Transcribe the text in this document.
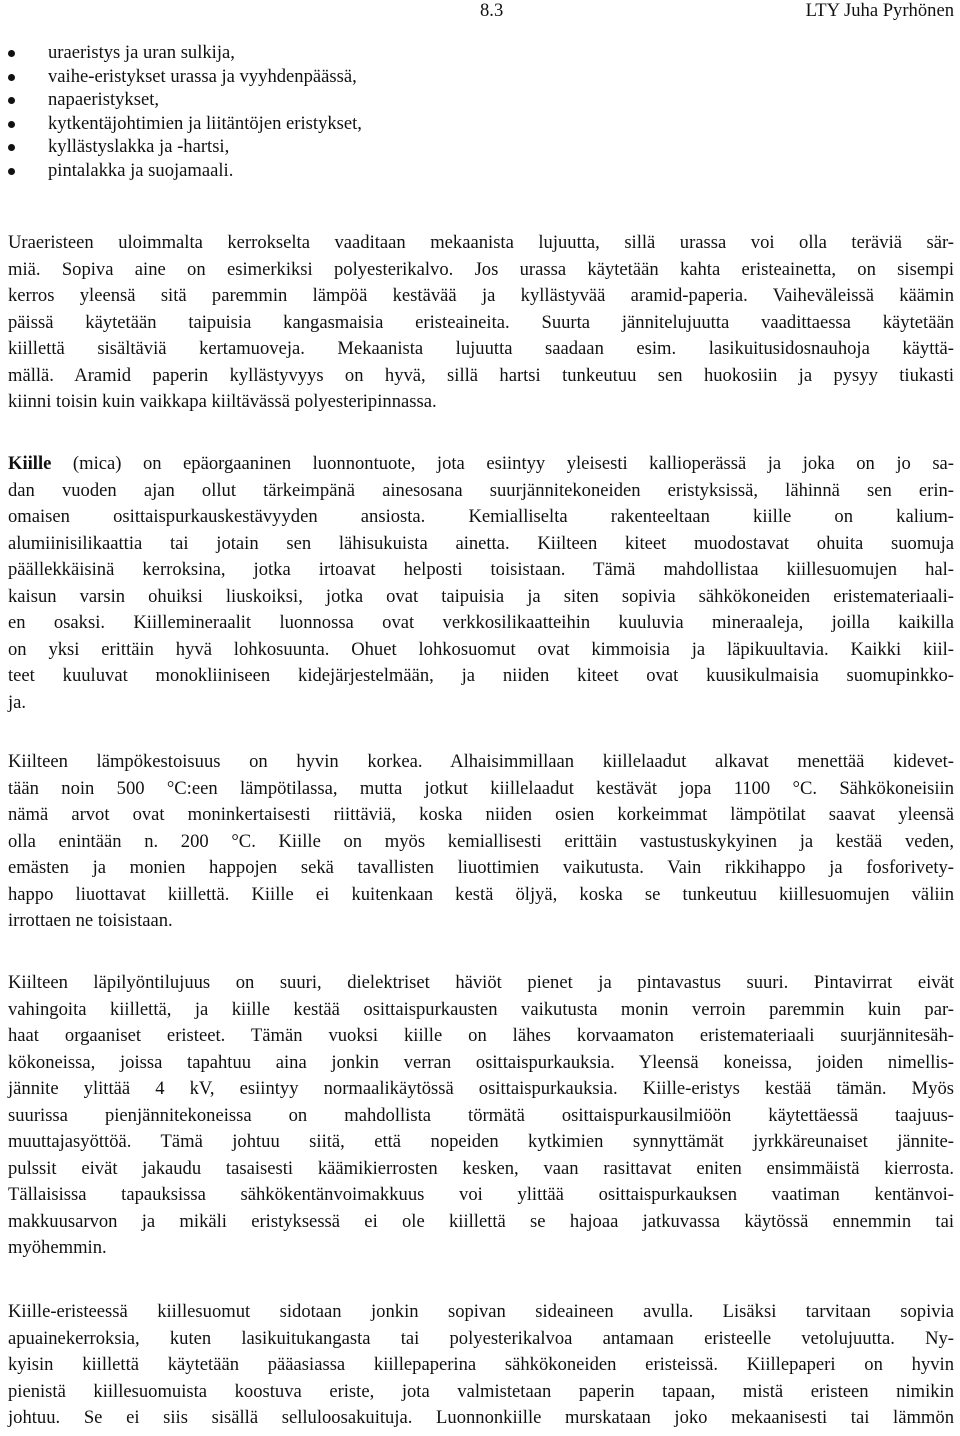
8.3	LTY Juha Pyrhönen
uraeristys ja uran sulkija,
vaihe-eristykset urassa ja vyyhdenpäässä,
napaeristykset,
kytkentäjohtimien ja liitäntöjen eristykset,
kyllästyslakka ja -hartsi,
pintalakka ja suojamaali.
Uraeristeen uloimmalta kerrokselta vaaditaan mekaanista lujuutta, sillä urassa voi olla teräviä sär-
miä. Sopiva aine on esimerkiksi polyesterikalvo. Jos urassa käytetään kahta eristeainetta, on sisempi
kerros yleensä sitä paremmin lämpöä kestävää ja kyllästyvää aramid-paperia. Vaiheväleissä käämin
päissä käytetään taipuisia kangasmaisia eristeaineita. Suurta jännitelujuutta vaadittaessa käytetään
kiillettä sisältäviä kertamuoveja. Mekaanista lujuutta saadaan esim. lasikuitusidosnauhoja käyttä-
mällä. Aramid paperin kyllästyvyys on hyvä, sillä hartsi tunkeutuu sen huokosiin ja pysyy tiukasti
kiinni toisin kuin vaikkapa kiiltävässä polyesteripinnassa.
Kiille (mica) on epäorgaaninen luonnontuote, jota esiintyy yleisesti kallioperässä ja joka on jo sa-
dan vuoden ajan ollut tärkeimpänä ainesosana suurjännitekoneiden eristyksissä, lähinnä sen erin-
omaisen osittaispurkauskestävyyden ansiosta. Kemialliselta rakenteeltaan kiille on kalium-
alumiinisilikaattia tai jotain sen lähisukuista ainetta. Kiilteen kiteet muodostavat ohuita suomuja
päällekkäisinä kerroksina, jotka irtoavat helposti toisistaan. Tämä mahdollistaa kiillesuomujen hal-
kaisun varsin ohuiksi liuskoiksi, jotka ovat taipuisia ja siten sopivia sähkökoneiden eristemateriaali-
en osaksi. Kiillemineraalit luonnossa ovat verkkosilikaatteihin kuuluvia mineraaleja, joilla kaikilla
on yksi erittäin hyvä lohkosuunta. Ohuet lohkosuomut ovat kimmoisia ja läpikuultavia. Kaikki kiil-
teet kuuluvat monokliiniseen kidejärjestelmään, ja niiden kiteet ovat kuusikulmaisia suomupinkko-
ja.
Kiilteen lämpökestoisuus on hyvin korkea. Alhaisimmillaan kiillelaadut alkavat menettää kidevet-
tään noin 500 °C:een lämpötilassa, mutta jotkut kiillelaadut kestävät jopa 1100 °C. Sähkökoneisiin
nämä arvot ovat moninkertaisesti riittäviä, koska niiden osien korkeimmat lämpötilat saavat yleensä
olla enintään n. 200 °C. Kiille on myös kemiallisesti erittäin vastustuskykyinen ja kestää veden,
emästen ja monien happojen sekä tavallisten liuottimien vaikutusta. Vain rikkihappo ja fosforivety-
happo liuottavat kiillettä. Kiille ei kuitenkaan kestä öljyä, koska se tunkeutuu kiillesuomujen väliin
irrottaen ne toisistaan.
Kiilteen läpilyöntilujuus on suuri, dielektriset häviöt pienet ja pintavastus suuri. Pintavirrat eivät
vahingoita kiillettä, ja kiille kestää osittaispurkausten vaikutusta monin verroin paremmin kuin par-
haat orgaaniset eristeet. Tämän vuoksi kiille on lähes korvaamaton eristemateriaali suurjännitesäh-
kökoneissa, joissa tapahtuu aina jonkin verran osittaispurkauksia. Yleensä koneissa, joiden nimellis-
jännite ylittää 4 kV, esiintyy normaalikäytössä osittaispurkauksia. Kiille-eristys kestää tämän. Myös
suurissa pienjännitekoneissa on mahdollista törmätä osittaispurkausilmiöön käytettäessä taajuus-
muuttajasyöttöä. Tämä johtuu siitä, että nopeiden kytkimien synnyttämät jyrkkäreunaiset jännite-
pulssit eivät jakaudu tasaisesti käämikierrosten kesken, vaan rasittavat eniten ensimmäistä kierrosta.
Tällaisissa tapauksissa sähkökentänvoimakkuus voi ylittää osittaispurkauksen vaatiman kentänvoi-
makkuusarvon ja mikäli eristyksessä ei ole kiillettä se hajoaa jatkuvassa käytössä ennemmin tai
myöhemmin.
Kiille-eristeessä kiillesuomut sidotaan jonkin sopivan sideaineen avulla. Lisäksi tarvitaan sopivia
apuainekerroksia, kuten lasikuitukangasta tai polyesterikalvoa antamaan eristeelle vetolujuutta. Ny-
kyisin kiillettä käytetään pääasiassa kiillepaperina sähkökoneiden eristeissä. Kiillepaperi on hyvin
pienistä kiillesuomuista koostuva eriste, jota valmistetaan paperin tapaan, mistä eristeen nimikin
johtuu. Se ei siis sisällä selluloosakuituja. Luonnonkiille murskataan joko mekaanisesti tai lämmön
